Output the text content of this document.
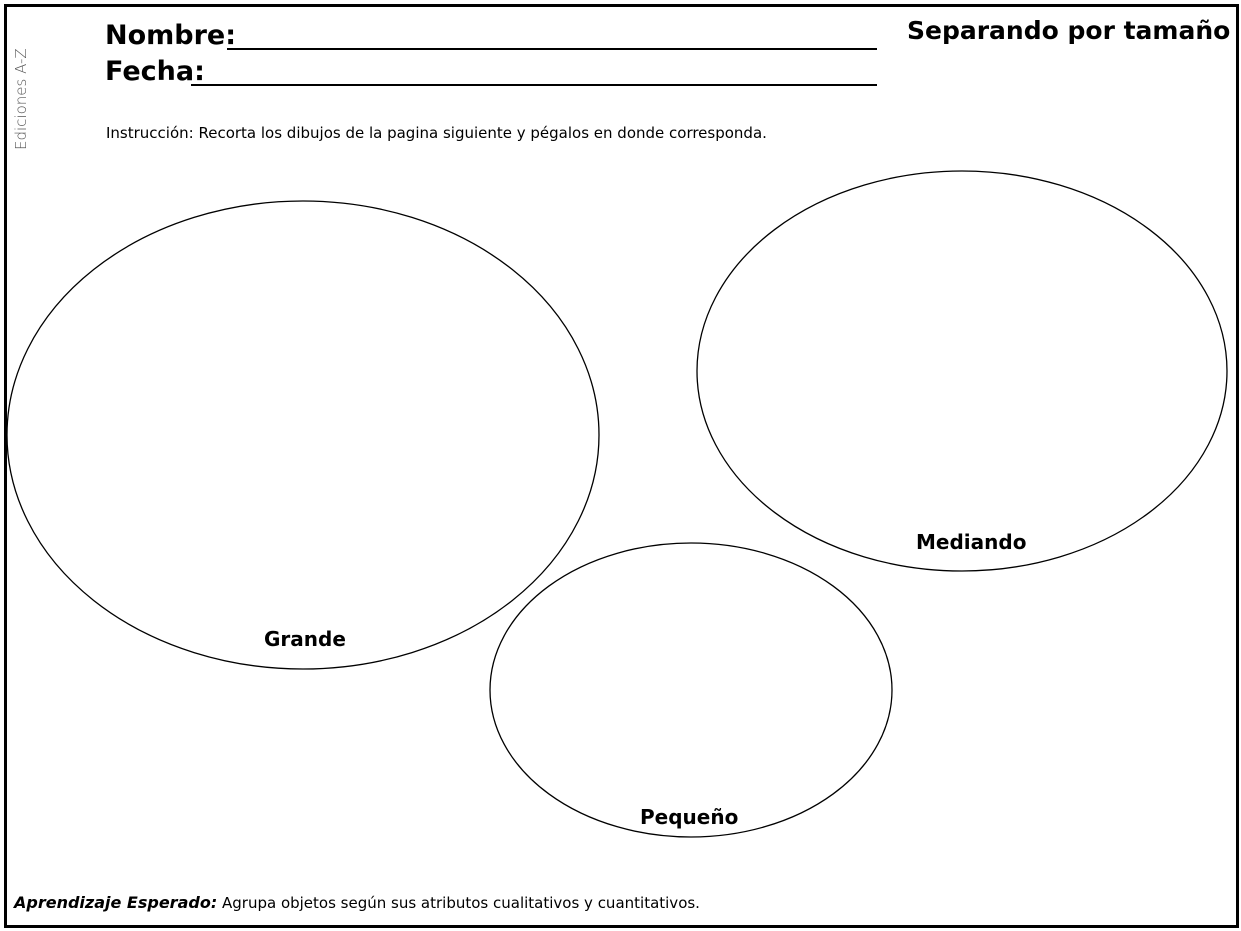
Ediciones A-Z
Nombre:
Fecha:
Separando por tamaño
Instrucción: Recorta los dibujos de la pagina siguiente y pégalos en donde corresponda.
Grande
Mediando
Pequeño
Aprendizaje Esperado: Agrupa objetos según sus atributos cualitativos y cuantitativos.
